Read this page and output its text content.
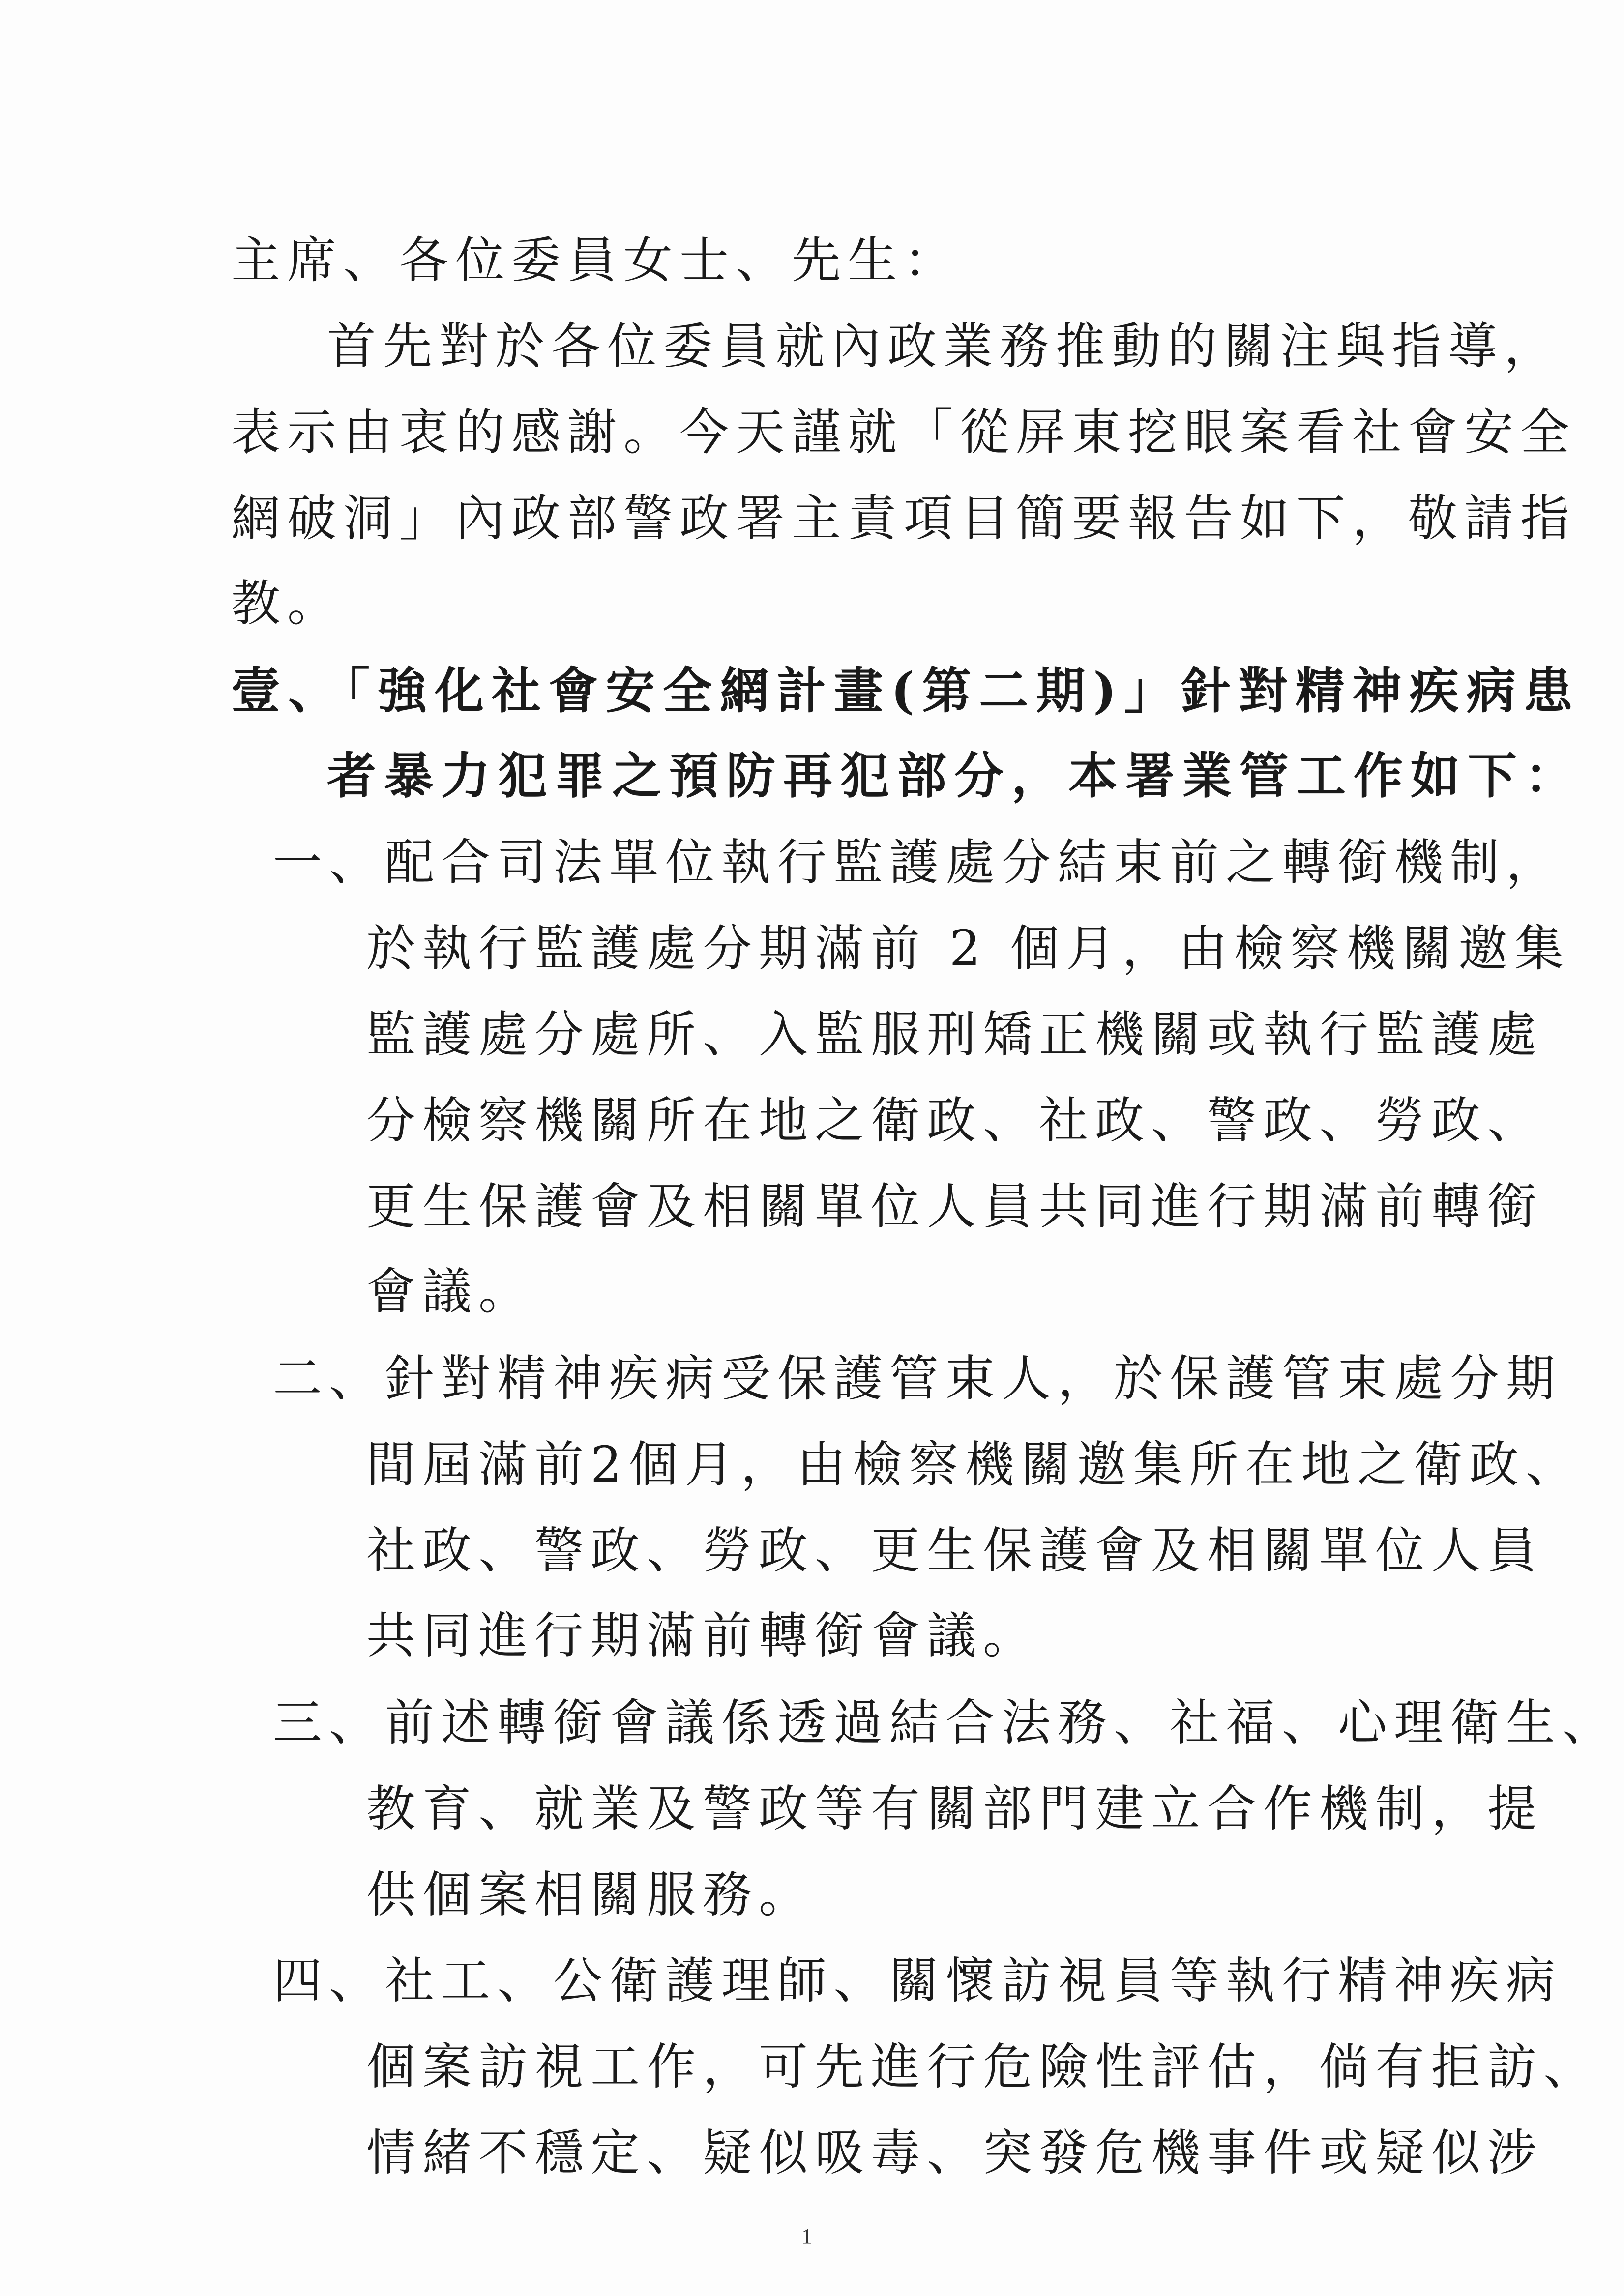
主席、各位委員女士、先生：
首先對於各位委員就內政業務推動的關注與指導，
表示由衷的感謝。今天謹就「從屏東挖眼案看社會安全
網破洞」內政部警政署主責項目簡要報告如下，敬請指
教。
壹、「強化社會安全網計畫(第二期)」針對精神疾病患
者暴力犯罪之預防再犯部分，本署業管工作如下：
一、配合司法單位執行監護處分結束前之轉銜機制，
於執行監護處分期滿前 2 個月，由檢察機關邀集
監護處分處所、入監服刑矯正機關或執行監護處
分檢察機關所在地之衛政、社政、警政、勞政、
更生保護會及相關單位人員共同進行期滿前轉銜
會議。
二、針對精神疾病受保護管束人，於保護管束處分期
間屆滿前2個月，由檢察機關邀集所在地之衛政、
社政、警政、勞政、更生保護會及相關單位人員
共同進行期滿前轉銜會議。
三、前述轉銜會議係透過結合法務、社福、心理衛生、
教育、就業及警政等有關部門建立合作機制，提
供個案相關服務。
四、社工、公衛護理師、關懷訪視員等執行精神疾病
個案訪視工作，可先進行危險性評估，倘有拒訪、
情緒不穩定、疑似吸毒、突發危機事件或疑似涉
1
